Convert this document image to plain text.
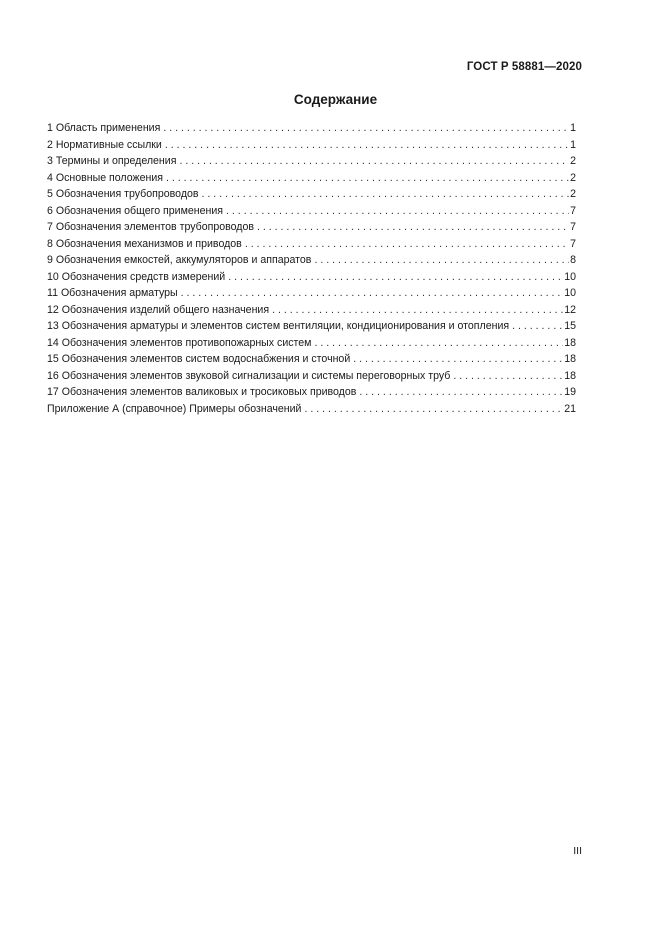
ГОСТ Р 58881—2020
Содержание
1 Область применения . . .	1
2 Нормативные ссылки . . .	1
3 Термины и определения . . .	2
4 Основные положения . . .	2
5 Обозначения трубопроводов . . .	2
6 Обозначения общего применения . . .	7
7 Обозначения элементов трубопроводов . . .	7
8 Обозначения механизмов и приводов . . .	7
9 Обозначения емкостей, аккумуляторов и аппаратов . . .	8
10 Обозначения средств измерений . . .	10
11 Обозначения арматуры . . .	10
12 Обозначения изделий общего назначения . . .	12
13 Обозначения арматуры и элементов систем вентиляции, кондиционирования и отопления . . .	15
14 Обозначения элементов противопожарных систем . . .	18
15 Обозначения элементов систем водоснабжения и сточной . . .	18
16 Обозначения элементов звуковой сигнализации и системы переговорных труб . . .	18
17 Обозначения элементов валиковых и тросиковых приводов . . .	19
Приложение А (справочное) Примеры обозначений . . .	21
III
